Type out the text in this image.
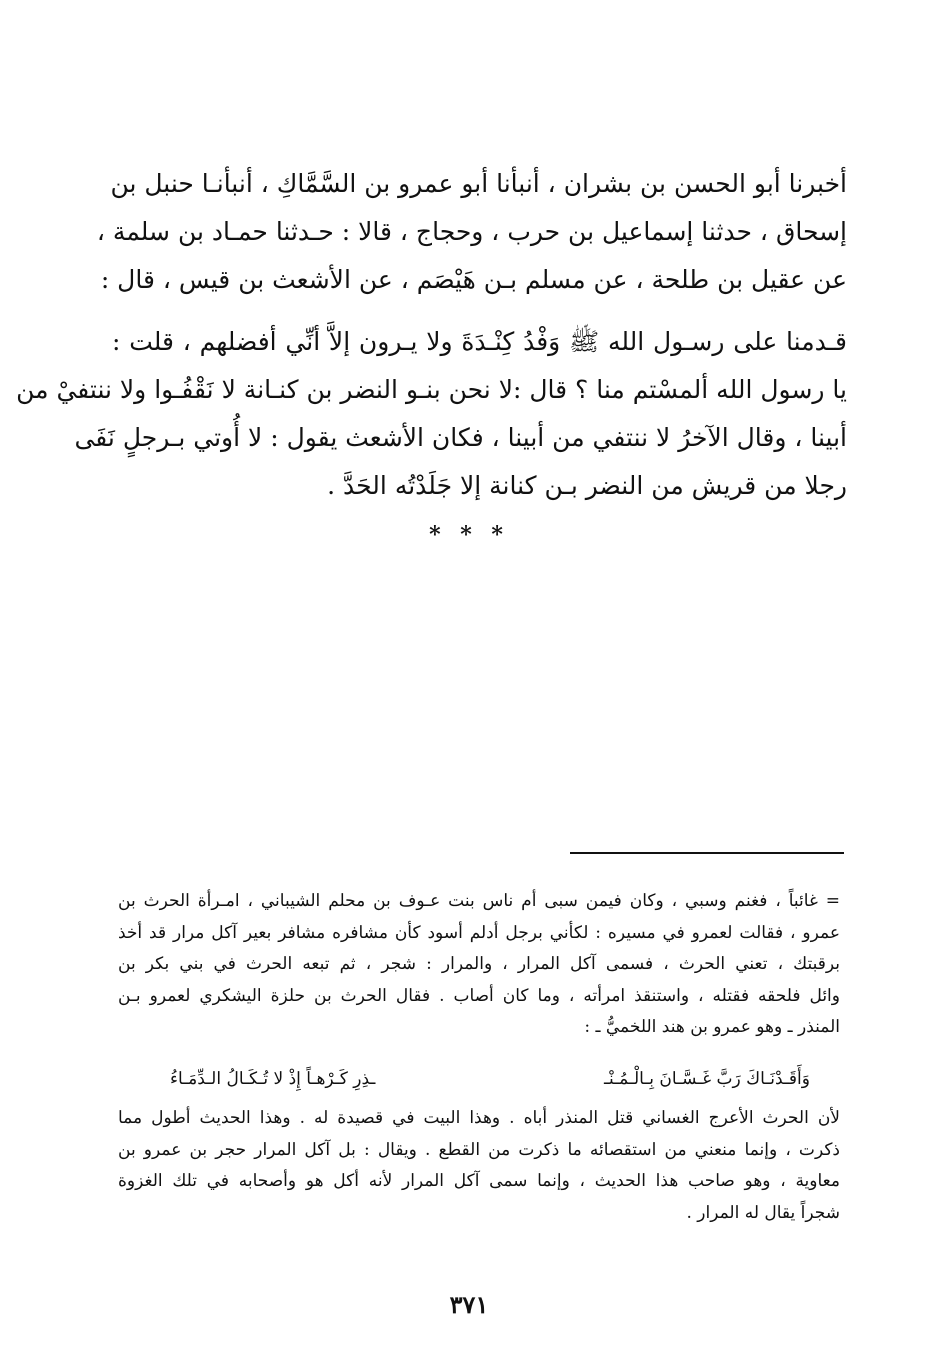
أخبرنا أبو الحسن بن بشران ، أنبأنا أبو عمرو بن السَّمَّاكِ ، أنبأنـا حنبل بن
إسحاق ، حدثنا إسماعيل بن حرب ، وحجاج ، قالا : حـدثنا حمـاد بن سلمة ،
عن عقيل بن طلحة ، عن مسلم بـن هَيْصَم ، عن الأشعث بن قيس ، قال :
قـدمنا على رسـول الله ﷺ وَفْدُ كِنْـدَةَ ولا يـرون إلاَّ أنِّي أفضلهم ، قلت :
يا رسول الله ألمسْتم منا ؟ قال :لا نحن بنـو النضر بن كنـانة لا نَقْفُـوا ولا ننتفيْ من
أبينا ، وقال الآخرُ لا ننتفي من أبينا ، فكان الأشعث يقول : لا أُوتي بـرجلٍ نَفَى
رجلا من قريش من النضر بـن كنانة إلا جَلَدْتُه الحَدَّ .
* * *
= غائباً ، فغنم وسبي ، وكان فيمن سبى أم ناس بنت عـوف بن محلم الشيباني ، امـرأة الحرث بن
عمرو ، فقالت لعمرو في مسيره : لكأني برجل أدلم أسود كأن مشافره مشافر بعير آكل مرار قد أخذ
برقبتك ، تعني الحرث ، فسمى آكل المرار ، والمرار : شجر ، ثم تبعه الحرث في بني بكر بن
وائل فلحقه فقتله ، واستنقذ امرأته ، وما كان أصاب . فقال الحرث بن حلزة اليشكري لعمرو بـن
المنذر ـ وهو عمرو بن هند اللخميُّ ـ :
وَأَقَـدْنَـاكَ رَبَّ غَـسَّـانَ بِـالْـمُـنْـ
ـذِرِ كَـرْهـاً إِذْ لا تُـكَـالُ الـدِّمَـاءُ
لأن الحرث الأعرج الغساني قتل المنذر أباه . وهذا البيت في قصيدة له . وهذا الحديث أطول مما
ذكرت ، وإنما منعني من استقصائه ما ذكرت من القطع . ويقال : بل آكل المرار حجر بن عمرو بن
معاوية ، وهو صاحب هذا الحديث ، وإنما سمى آكل المرار لأنه أكل هو وأصحابه في تلك الغزوة
شجراً يقال له المرار .
٣٧١
